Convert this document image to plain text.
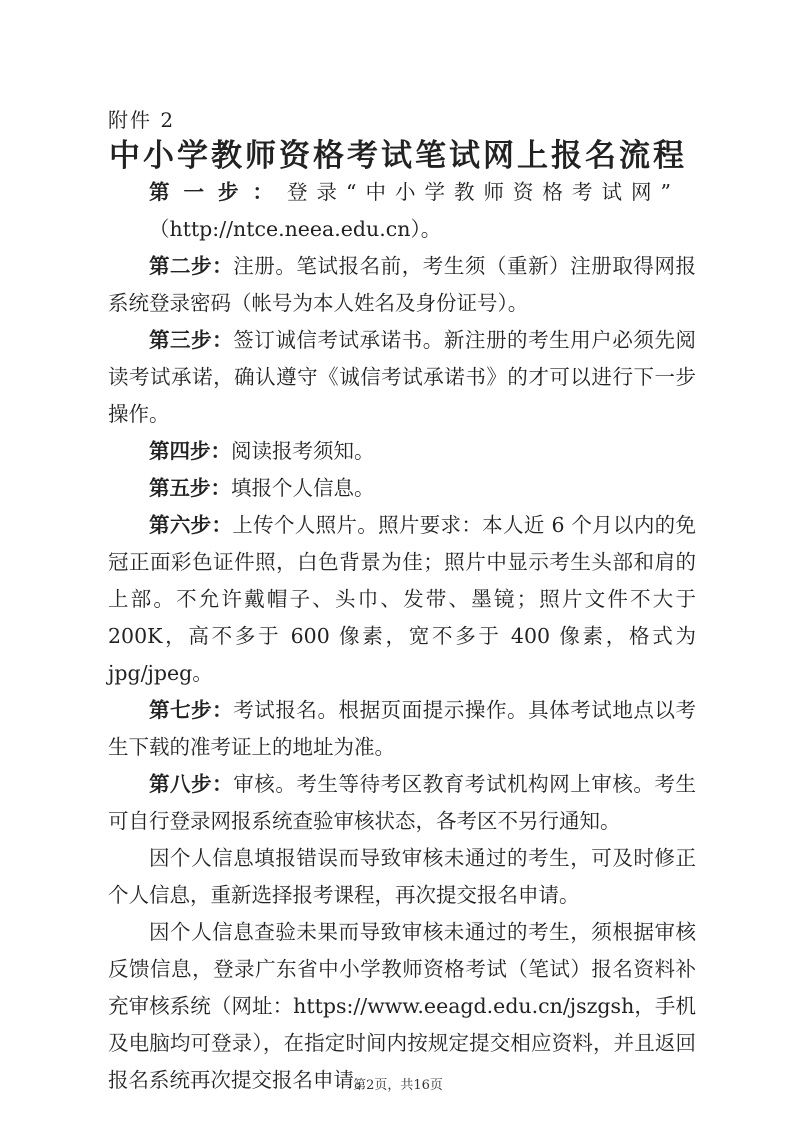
附件 2
中小学教师资格考试笔试网上报名流程

第一步：登录“中小学教师资格考试网”

（http://ntce.neea.edu.cn）。

第二步：注册。笔试报名前，考生须（重新）注册取得网报系统登录密码（帐号为本人姓名及身份证号）。

第三步：签订诚信考试承诺书。新注册的考生用户必须先阅读考试承诺，确认遵守《诚信考试承诺书》的才可以进行下一步操作。

第四步：阅读报考须知。

第五步：填报个人信息。

第六步：上传个人照片。照片要求：本人近 6 个月以内的免冠正面彩色证件照，白色背景为佳；照片中显示考生头部和肩的上部。不允许戴帽子、头巾、发带、墨镜；照片文件不大于 200K，高不多于 600 像素，宽不多于 400 像素，格式为 jpg/jpeg。

第七步：考试报名。根据页面提示操作。具体考试地点以考生下载的准考证上的地址为准。

第八步：审核。考生等待考区教育考试机构网上审核。考生可自行登录网报系统查验审核状态，各考区不另行通知。

因个人信息填报错误而导致审核未通过的考生，可及时修正个人信息，重新选择报考课程，再次提交报名申请。

因个人信息查验未果而导致审核未通过的考生，须根据审核反馈信息，登录广东省中小学教师资格考试（笔试）报名资料补充审核系统（网址：https://www.eeagd.edu.cn/jszgsh，手机及电脑均可登录），在指定时间内按规定提交相应资料，并且返回报名系统再次提交报名申请。

第2页，共16页
